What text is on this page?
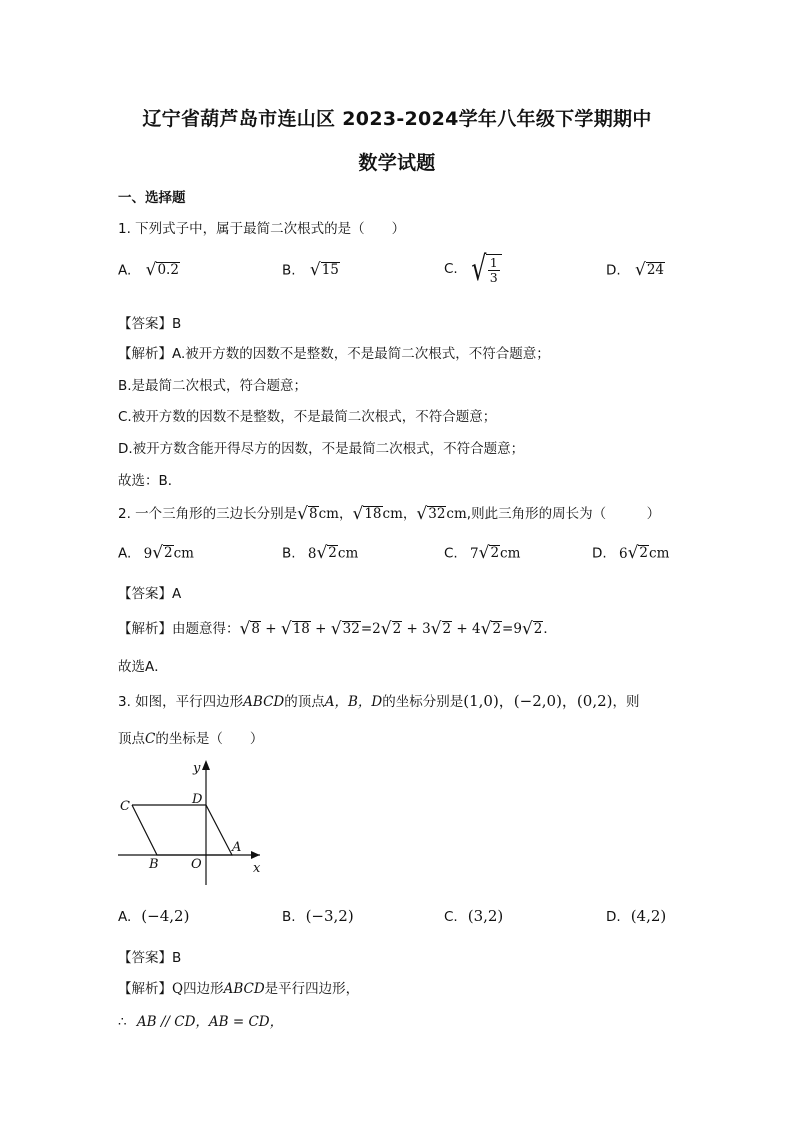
辽宁省葫芦岛市连山区 2023-2024学年八年级下学期期中
数学试题
一、选择题
1. 下列式子中，属于最简二次根式的是（　　）
A. √ 0.2	B. √ 15	C. √ $\frac{1}{3}$	D. √ 24
【答案】B
【解析】A.被开方数的因数不是整数，不是最简二次根式，不符合题意；
B.是最简二次根式，符合题意；
C.被开方数的因数不是整数，不是最简二次根式，不符合题意；
D.被开方数含能开得尽方的因数，不是最简二次根式，不符合题意；
故选：B．
2. 一个三角形的三边长分别是 √ 8 cm， √ 18 cm， √ 32 cm,则此三角形的周长为（　　　）
A. 9 √ 2 cm	B. 8 √ 2 cm	C. 7 √ 2 cm	D. 6 √ 2 cm
【答案】A
【解析】由题意得： √ 8 + √ 18 + √ 32 =2 √ 2 + 3 √ 2 + 4 √ 2 =9 √ 2 ．
故选A．
3. 如图，平行四边形ABCD的顶点A，B，D的坐标分别是(1,0)，(−2,0)，(0,2)，则
顶点C的坐标是（　　）
y
x
O
A
B
C	D
A. (−4,2)	B. (−3,2)	C. (3,2)	D. (4,2)
【答案】B
【解析】Q四边形ABCD是平行四边形，
∴ AB // CD，AB = CD，
